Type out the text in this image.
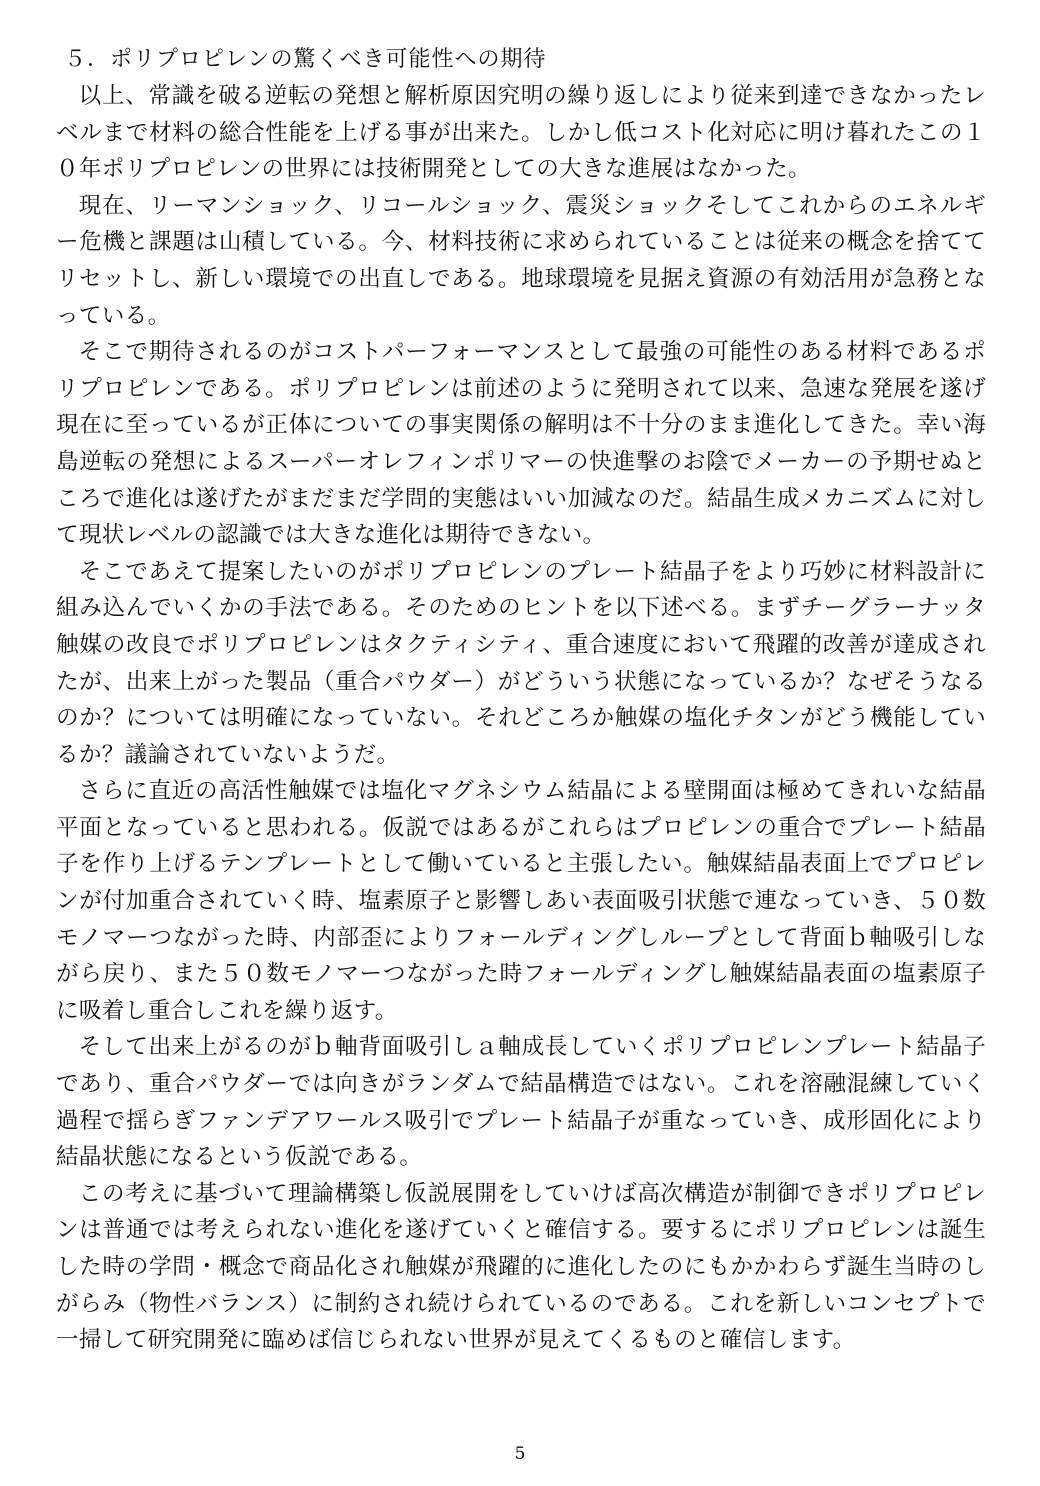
５．ポリプロピレンの驚くべき可能性への期待

以上、常識を破る逆転の発想と解析原因究明の繰り返しにより従来到達できなかったレベルまで材料の総合性能を上げる事が出来た。しかし低コスト化対応に明け暮れたこの１０年ポリプロピレンの世界には技術開発としての大きな進展はなかった。

現在、リーマンショック、リコールショック、震災ショックそしてこれからのエネルギー危機と課題は山積している。今、材料技術に求められていることは従来の概念を捨ててリセットし、新しい環境での出直しである。地球環境を見据え資源の有効活用が急務となっている。

そこで期待されるのがコストパーフォーマンスとして最強の可能性のある材料であるポリプロピレンである。ポリプロピレンは前述のように発明されて以来、急速な発展を遂げ現在に至っているが正体についての事実関係の解明は不十分のまま進化してきた。幸い海島逆転の発想によるスーパーオレフィンポリマーの快進撃のお陰でメーカーの予期せぬところで進化は遂げたがまだまだ学問的実態はいい加減なのだ。結晶生成メカニズムに対して現状レベルの認識では大きな進化は期待できない。

そこであえて提案したいのがポリプロピレンのプレート結晶子をより巧妙に材料設計に組み込んでいくかの手法である。そのためのヒントを以下述べる。まずチーグラーナッタ触媒の改良でポリプロピレンはタクティシティ、重合速度において飛躍的改善が達成されたが、出来上がった製品（重合パウダー）がどういう状態になっているか？なぜそうなるのか？については明確になっていない。それどころか触媒の塩化チタンがどう機能しているか？議論されていないようだ。

さらに直近の高活性触媒では塩化マグネシウム結晶による壁開面は極めてきれいな結晶平面となっていると思われる。仮説ではあるがこれらはプロピレンの重合でプレート結晶子を作り上げるテンプレートとして働いていると主張したい。触媒結晶表面上でプロピレンが付加重合されていく時、塩素原子と影響しあい表面吸引状態で連なっていき、５０数モノマーつながった時、内部歪によりフォールディングしループとして背面ｂ軸吸引しながら戻り、また５０数モノマーつながった時フォールディングし触媒結晶表面の塩素原子に吸着し重合しこれを繰り返す。

そして出来上がるのがｂ軸背面吸引しａ軸成長していくポリプロピレンプレート結晶子であり、重合パウダーでは向きがランダムで結晶構造ではない。これを溶融混練していく過程で揺らぎファンデアワールス吸引でプレート結晶子が重なっていき、成形固化により結晶状態になるという仮説である。

この考えに基づいて理論構築し仮説展開をしていけば高次構造が制御できポリプロピレンは普通では考えられない進化を遂げていくと確信する。要するにポリプロピレンは誕生した時の学問・概念で商品化され触媒が飛躍的に進化したのにもかかわらず誕生当時のしがらみ（物性バランス）に制約され続けられているのである。これを新しいコンセプトで一掃して研究開発に臨めば信じられない世界が見えてくるものと確信します。

5
